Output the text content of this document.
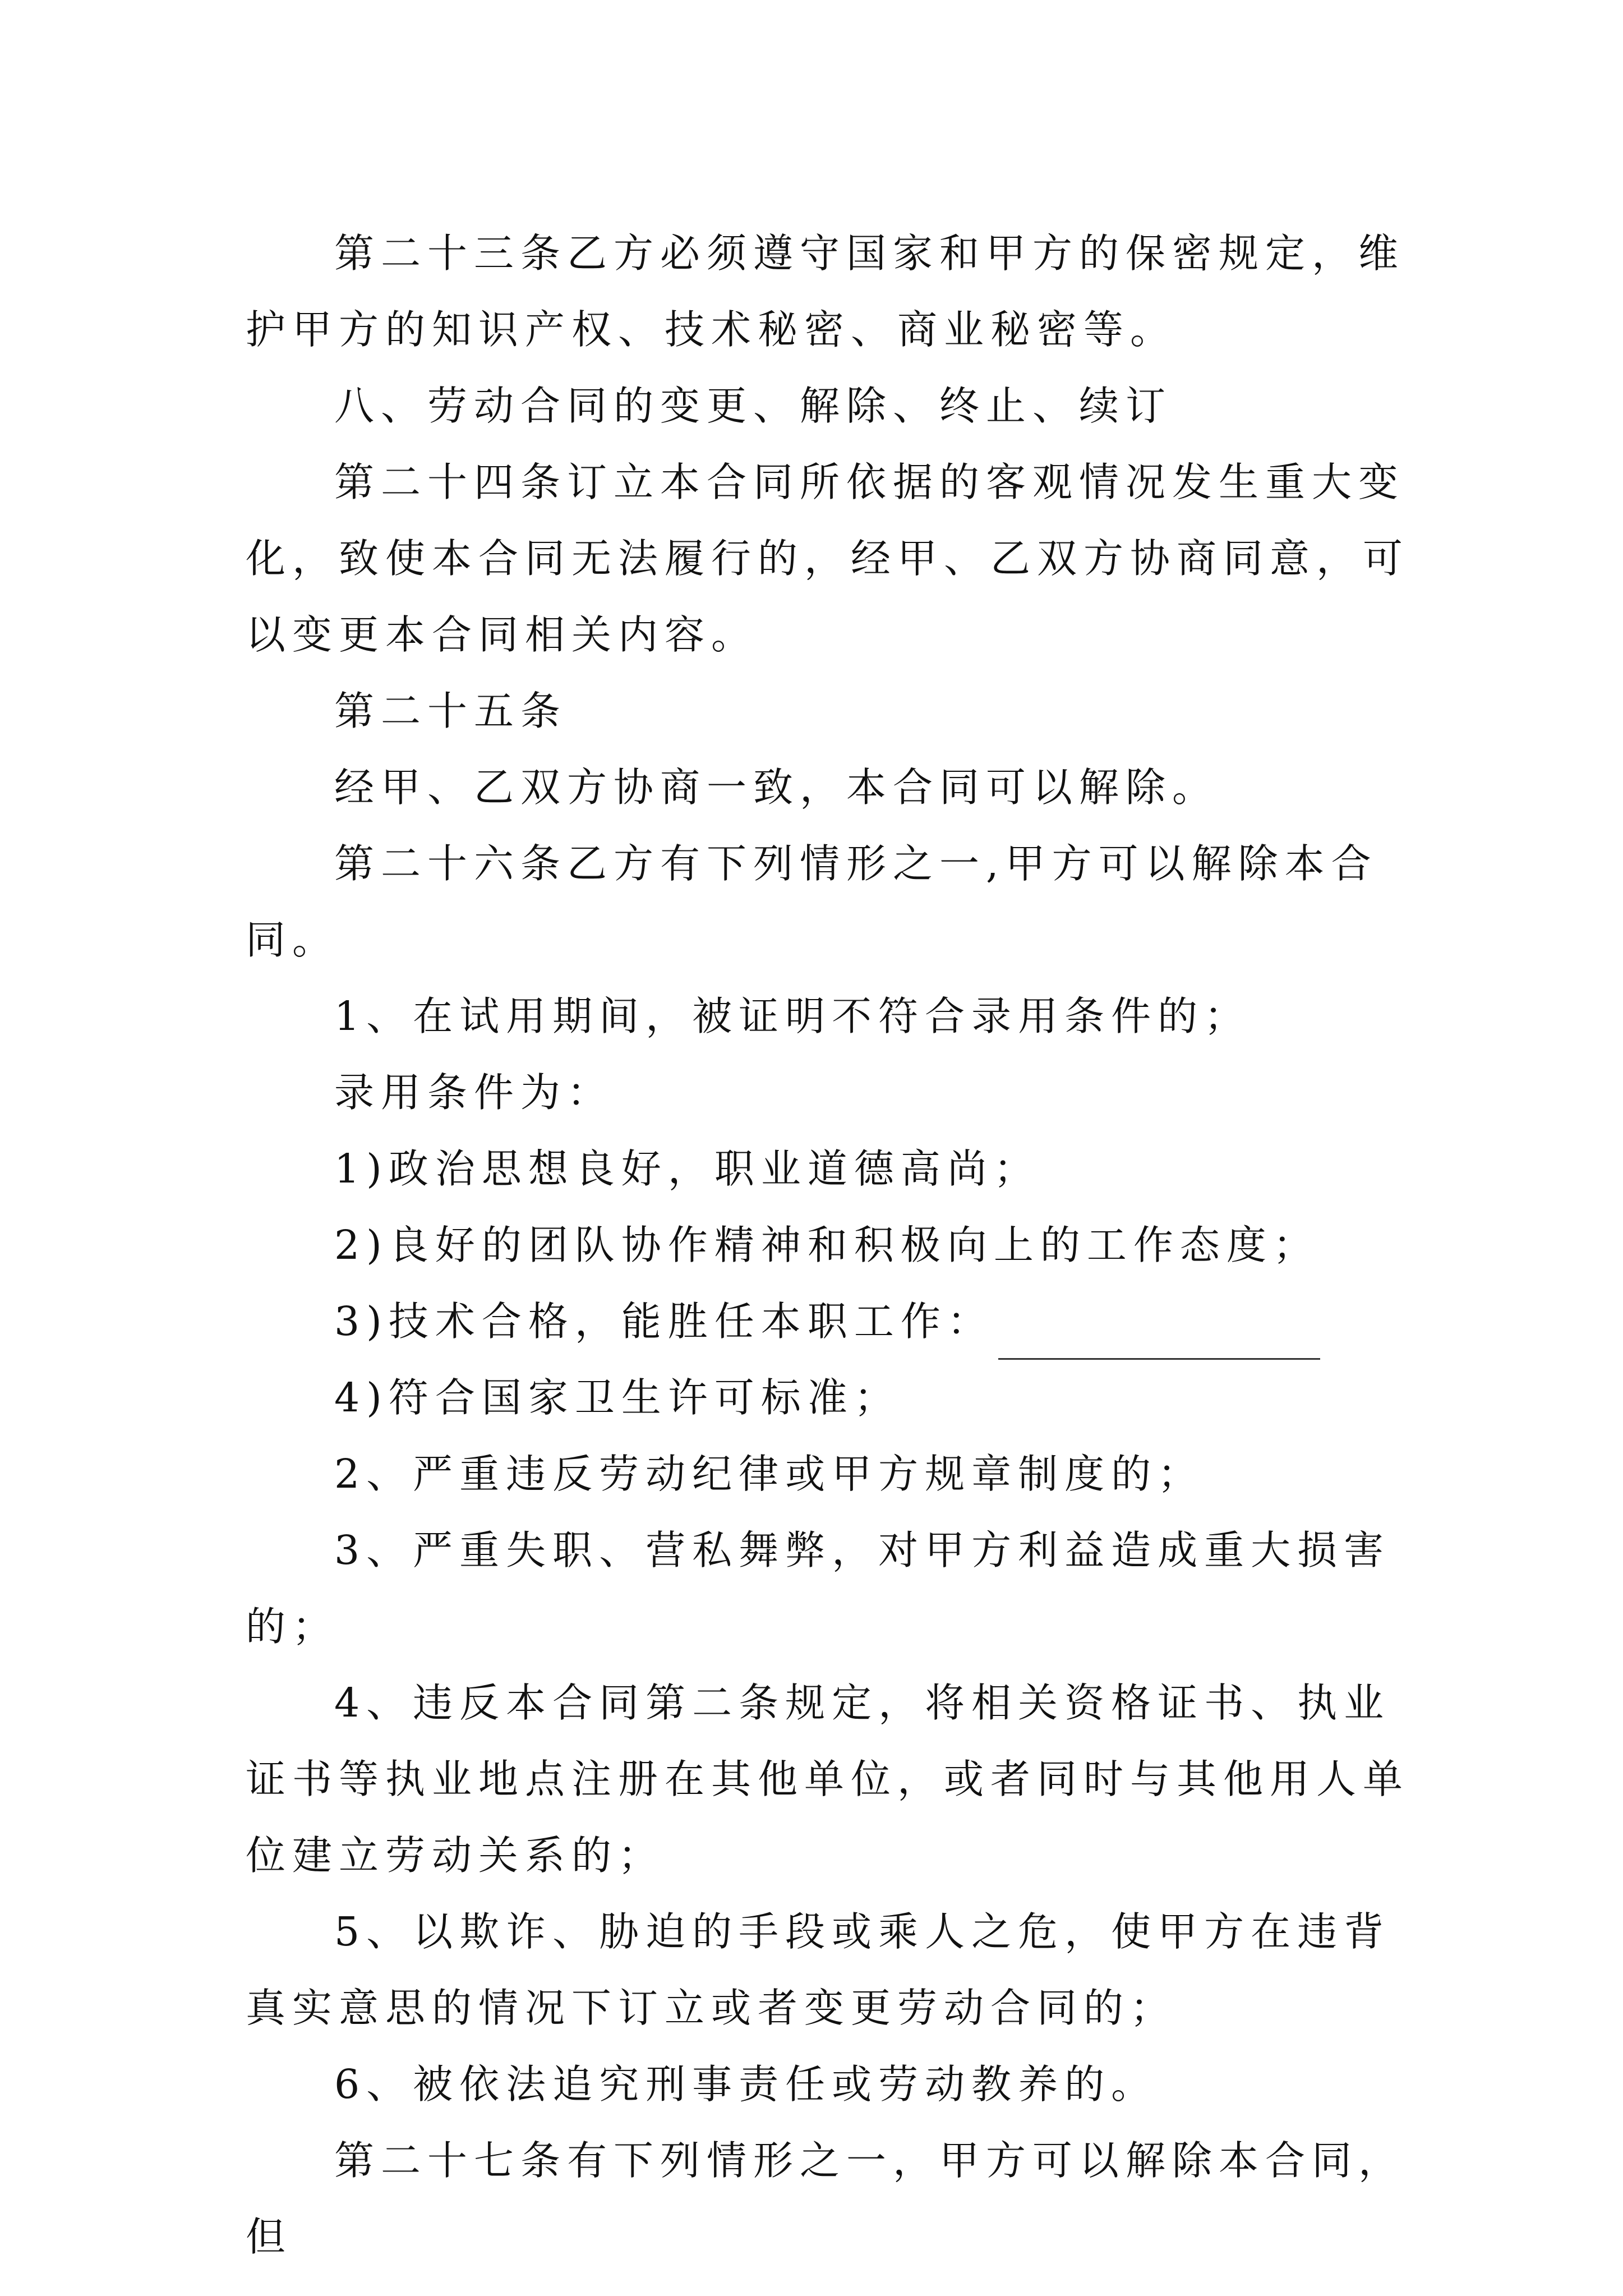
第二十三条乙方必须遵守国家和甲方的保密规定，维护甲方的知识产权、技术秘密、商业秘密等。

八、劳动合同的变更、解除、终止、续订

第二十四条订立本合同所依据的客观情况发生重大变化，致使本合同无法履行的，经甲、乙双方协商同意，可以变更本合同相关内容。

第二十五条

经甲、乙双方协商一致，本合同可以解除。

第二十六条乙方有下列情形之一,甲方可以解除本合同。

1、在试用期间，被证明不符合录用条件的；

录用条件为：

1)政治思想良好，职业道德高尚；

2)良好的团队协作精神和积极向上的工作态度；

3)技术合格，能胜任本职工作：

4)符合国家卫生许可标准；

2、严重违反劳动纪律或甲方规章制度的；

3、严重失职、营私舞弊，对甲方利益造成重大损害的；

4、违反本合同第二条规定，将相关资格证书、执业证书等执业地点注册在其他单位，或者同时与其他用人单位建立劳动关系的；

5、以欺诈、胁迫的手段或乘人之危，使甲方在违背真实意思的情况下订立或者变更劳动合同的；

6、被依法追究刑事责任或劳动教养的。

第二十七条有下列情形之一，甲方可以解除本合同，但
